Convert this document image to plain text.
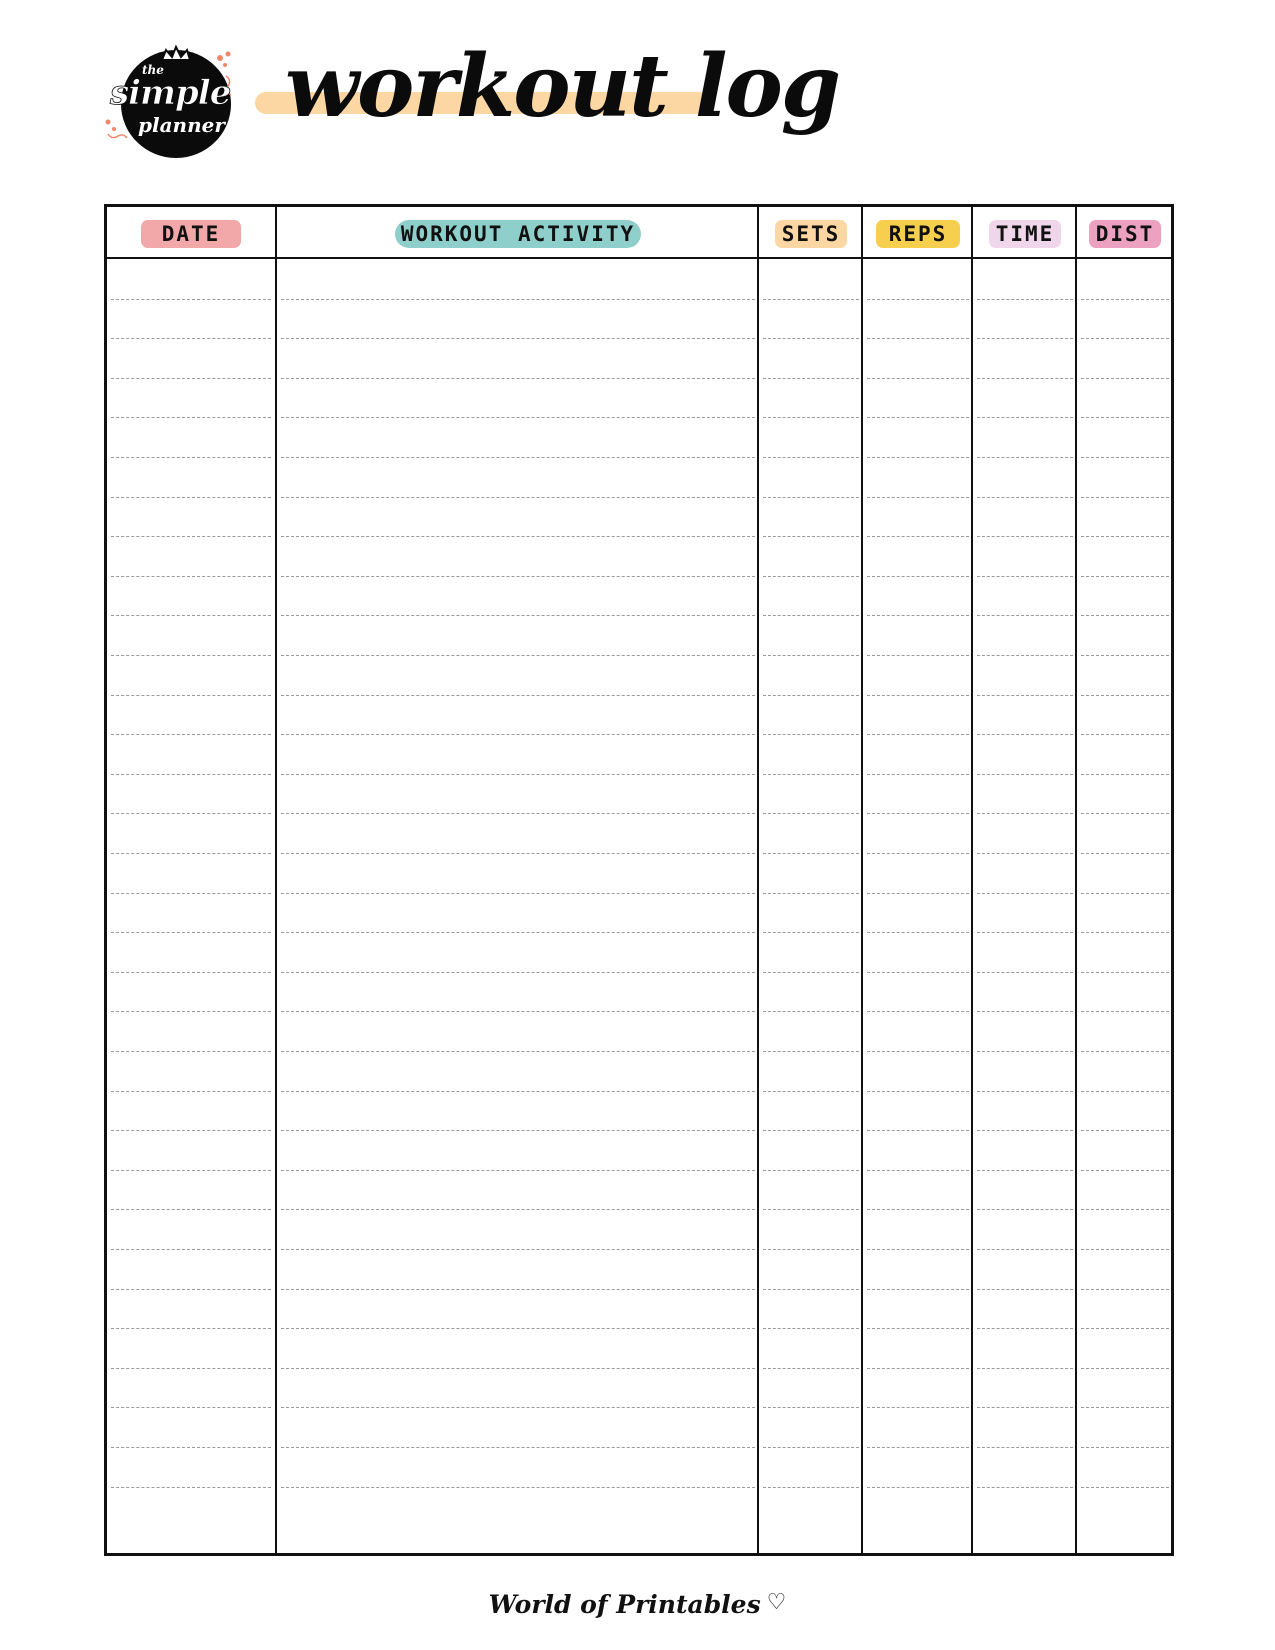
the
simple
planner workout log
DATE	WORKOUT ACTIVITY	SETS	REPS	TIME	DIST
World of Printables ♡
